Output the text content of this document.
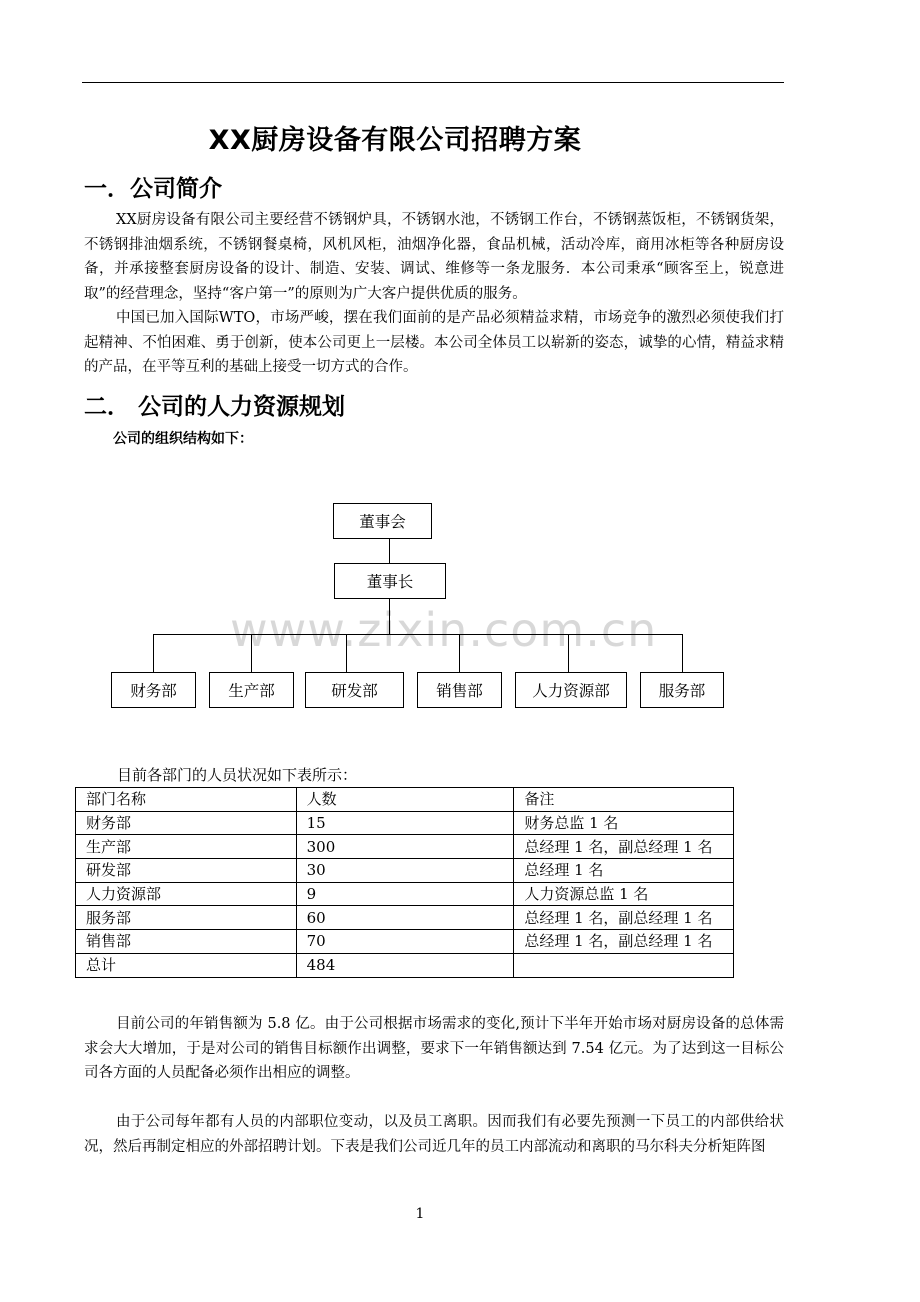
XX厨房设备有限公司招聘方案
一．公司简介

XX厨房设备有限公司主要经营不锈钢炉具，不锈钢水池，不锈钢工作台，不锈钢蒸饭柜，不锈钢货架，不锈钢排油烟系统，不锈钢餐桌椅，风机风柜，油烟净化器，食品机械，活动冷库，商用冰柜等各种厨房设备，并承接整套厨房设备的设计、制造、安装、调试、维修等一条龙服务．本公司秉承“顾客至上，锐意进取”的经营理念，坚持“客户第一”的原则为广大客户提供优质的服务。

中国已加入国际WTO，市场严峻，摆在我们面前的是产品必须精益求精，市场竞争的激烈必须使我们打起精神、不怕困难、勇于创新，使本公司更上一层楼。本公司全体员工以崭新的姿态，诚挚的心情，精益求精的产品，在平等互利的基础上接受一切方式的合作。

二． 公司的人力资源规划
公司的组织结构如下：
www.zixin.com.cn
董事会
董事长
财务部	生产部	研发部	销售部	人力资源部	服务部
目前各部门的人员状况如下表所示：
部门名称	人数	备注
财务部	15	财务总监 1 名
生产部	300	总经理 1 名，副总经理 1 名
研发部	30	总经理 1 名
人力资源部	9	人力资源总监 1 名
服务部	60	总经理 1 名，副总经理 1 名
销售部	70	总经理 1 名，副总经理 1 名
总计	484	

目前公司的年销售额为 5.8 亿。由于公司根据市场需求的变化,预计下半年开始市场对厨房设备的总体需求会大大增加，于是对公司的销售目标额作出调整，要求下一年销售额达到 7.54 亿元。为了达到这一目标公司各方面的人员配备必须作出相应的调整。

由于公司每年都有人员的内部职位变动，以及员工离职。因而我们有必要先预测一下员工的内部供给状况，然后再制定相应的外部招聘计划。下表是我们公司近几年的员工内部流动和离职的马尔科夫分析矩阵图

1
